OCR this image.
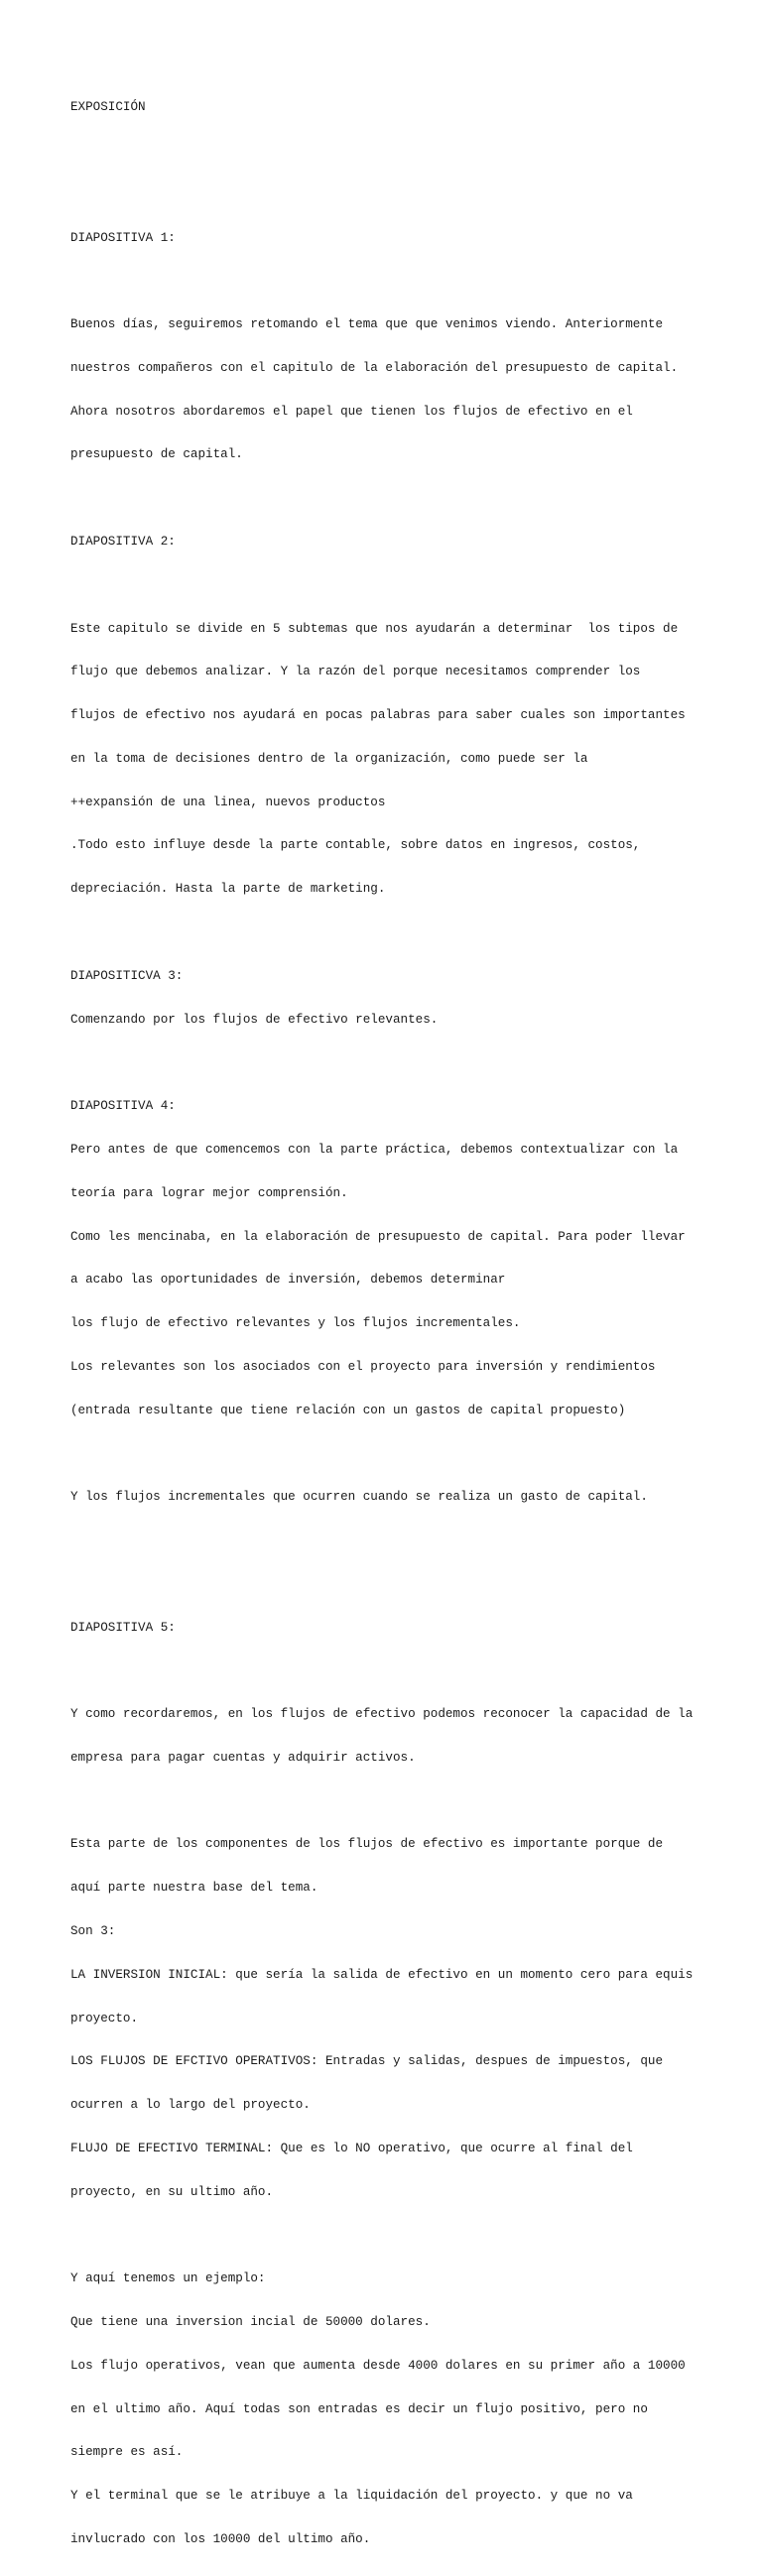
EXPOSICIÓN

DIAPOSITIVA 1:

Buenos días, seguiremos retomando el tema que que venimos viendo. Anteriormente

nuestros compañeros con el capitulo de la elaboración del presupuesto de capital.

Ahora nosotros abordaremos el papel que tienen los flujos de efectivo en el

presupuesto de capital.

DIAPOSITIVA 2:

Este capitulo se divide en 5 subtemas que nos ayudarán a determinar  los tipos de

flujo que debemos analizar. Y la razón del porque necesitamos comprender los

flujos de efectivo nos ayudará en pocas palabras para saber cuales son importantes

en la toma de decisiones dentro de la organización, como puede ser la

++expansión de una linea, nuevos productos

.Todo esto influye desde la parte contable, sobre datos en ingresos, costos,

depreciación. Hasta la parte de marketing.

DIAPOSITICVA 3:

Comenzando por los flujos de efectivo relevantes.

DIAPOSITIVA 4:

Pero antes de que comencemos con la parte práctica, debemos contextualizar con la

teoría para lograr mejor comprensión.

Como les mencinaba, en la elaboración de presupuesto de capital. Para poder llevar

a acabo las oportunidades de inversión, debemos determinar

los flujo de efectivo relevantes y los flujos incrementales.

Los relevantes son los asociados con el proyecto para inversión y rendimientos

(entrada resultante que tiene relación con un gastos de capital propuesto)

Y los flujos incrementales que ocurren cuando se realiza un gasto de capital.

DIAPOSITIVA 5:

Y como recordaremos, en los flujos de efectivo podemos reconocer la capacidad de la

empresa para pagar cuentas y adquirir activos.

Esta parte de los componentes de los flujos de efectivo es importante porque de

aquí parte nuestra base del tema.

Son 3:

LA INVERSION INICIAL: que sería la salida de efectivo en un momento cero para equis

proyecto.

LOS FLUJOS DE EFCTIVO OPERATIVOS: Entradas y salidas, despues de impuestos, que

ocurren a lo largo del proyecto.

FLUJO DE EFECTIVO TERMINAL: Que es lo NO operativo, que ocurre al final del

proyecto, en su ultimo año.

Y aquí tenemos un ejemplo:

Que tiene una inversion incial de 50000 dolares.

Los flujo operativos, vean que aumenta desde 4000 dolares en su primer año a 10000

en el ultimo año. Aquí todas son entradas es decir un flujo positivo, pero no

siempre es así.

Y el terminal que se le atribuye a la liquidación del proyecto. y que no va

invlucrado con los 10000 del ultimo año.
